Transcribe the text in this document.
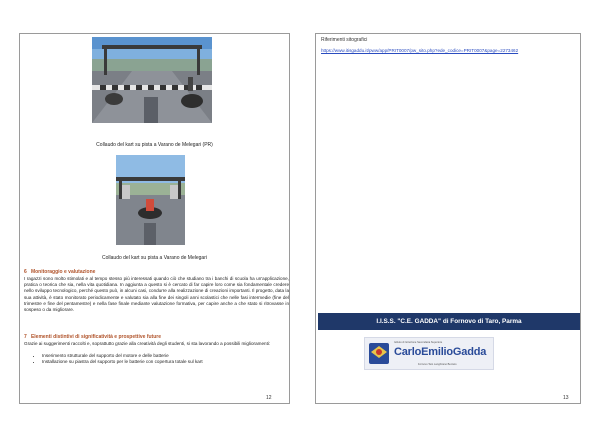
Collaudo del kart su pista a Varano de Melegari (PR)
Collaudo del kart su pista a Varano de Melegari
6 Monitoraggio e valutazione
I ragazzi sono molto stimolati e al tempo stesso più interessati quando ciò che studiano tra i banchi di scuola ha un'applicazione, pratica o teorica che sia, nella vita quotidiana. In aggiunta a questo si è cercato di far capire loro come sia fondamentale credere nello sviluppo tecnologico, perché questo può, in alcuni casi, condurre alla realizzazione di creazioni importanti. Il progetto, data la sua attività, è stato monitorato periodicamente e valutato sia alla fine dei singoli anni scolastici che nelle fasi intermedie (fine del trimestre e fine del pentamestre) e nella fase finale mediante valutazione formativa, per capire anche a che stato si ritrovasse in sospeso o da migliorare.
7 Elementi distintivi di significatività e prospettive future
Grazie ai suggerimenti raccolti e, soprattutto grazie alla creatività degli studenti, si sta lavorando a possibili miglioramenti:
• Inserimento strutturale del supporto del motore e delle batterie
• Installazione su piastra del supporto per le batterie con copertura totale sul kart
12
Riferimenti sitografici
https://www.itisgaddu.it/pww/app/PRIT0007/pw_sito.php?ede_codice=PRIT0007&page=2273462
I.I.S.S. "C.E. GADDA" di Fornovo di Taro, Parma
Istituto di Istruzione Secondaria Superiore
CarloEmilioGadda
Fornovo Taro Langhirano Berceto
13
